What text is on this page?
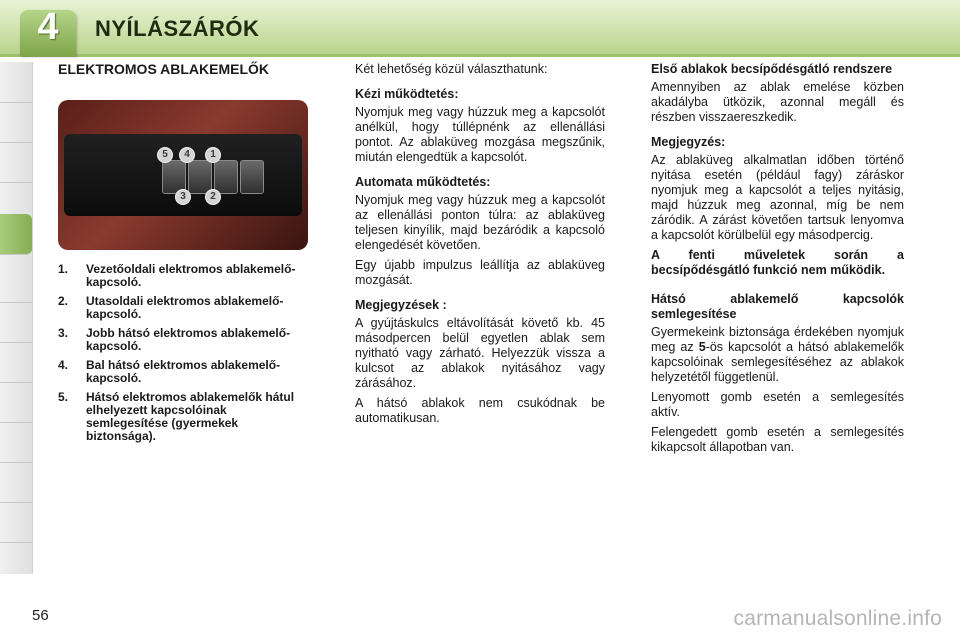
4	NYÍLÁSZÁRÓK
ELEKTROMOS ABLAKEMELŐK
5	4	1
3	2
1. Vezetőoldali elektromos ablakemelő-kapcsoló.
2. Utasoldali elektromos ablakemelő-kapcsoló.
3. Jobb hátsó elektromos ablakemelő-kapcsoló.
4. Bal hátsó elektromos ablakemelő-kapcsoló.
5. Hátsó elektromos ablakemelők hátul elhelyezett kapcsolóinak semlegesítése (gyermekek biztonsága).

Két lehetőség közül választhatunk:

Kézi működtetés:

Nyomjuk meg vagy húzzuk meg a kapcsolót anélkül, hogy túllépnénk az ellenállási pontot. Az ablaküveg mozgása megszűnik, miután elengedtük a kapcsolót.

Automata működtetés:

Nyomjuk meg vagy húzzuk meg a kapcsolót az ellenállási ponton túlra: az ablaküveg teljesen kinyílik, majd bezáródik a kapcsoló elengedését követően.

Egy újabb impulzus leállítja az ablaküveg mozgását.

Megjegyzések :

A gyújtáskulcs eltávolítását követő kb. 45 másodpercen belül egyetlen ablak sem nyitható vagy zárható. Helyezzük vissza a kulcsot az ablakok nyitásához vagy zárásához.

A hátsó ablakok nem csukódnak be automatikusan.

Első ablakok becsípődésgátló rendszere

Amennyiben az ablak emelése közben akadályba ütközik, azonnal megáll és részben visszaereszkedik.

Megjegyzés:

Az ablaküveg alkalmatlan időben történő nyitása esetén (például fagy) záráskor nyomjuk meg a kapcsolót a teljes nyitásig, majd húzzuk meg azonnal, míg be nem záródik. A zárást követően tartsuk lenyomva a kapcsolót körülbelül egy másodpercig.

A fenti műveletek során a becsípődésgátló funkció nem működik.

Hátsó ablakemelő kapcsolók semlegesítése

Gyermekeink biztonsága érdekében nyomjuk meg az 5-ös kapcsolót a hátsó ablakemelők kapcsolóinak semlegesítéséhez az ablakok helyzetétől függetlenül.

Lenyomott gomb esetén a semlegesítés aktív.

Felengedett gomb esetén a semlegesítés kikapcsolt állapotban van.

56	carmanualsonline.info
